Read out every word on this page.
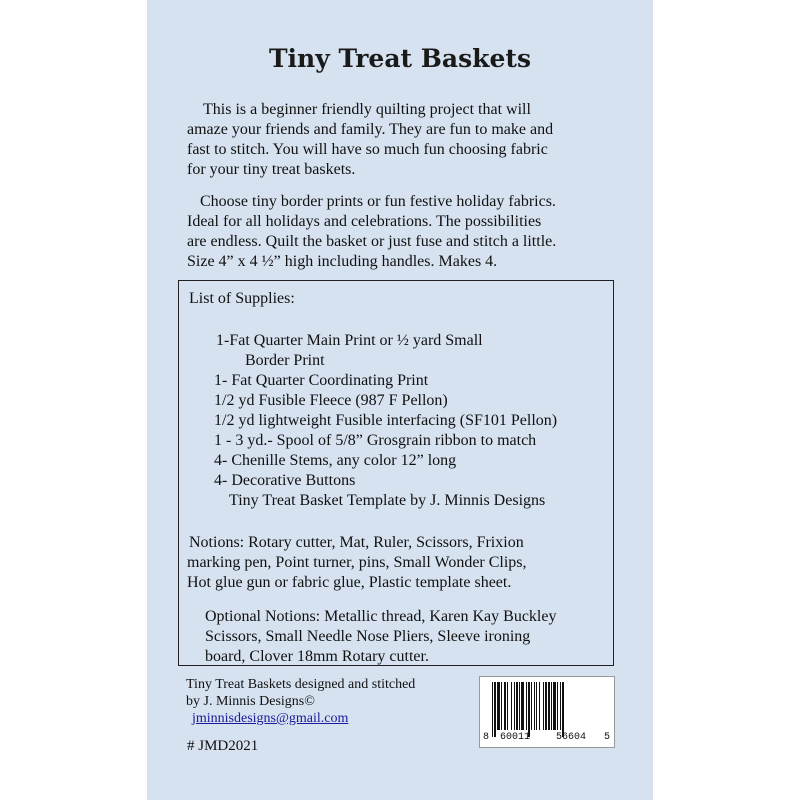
Tiny Treat Baskets

This is a beginner friendly quilting project that will
amaze your friends and family. They are fun to make and
fast to stitch. You will have so much fun choosing fabric
for your tiny treat baskets.

Choose tiny border prints or fun festive holiday fabrics.
Ideal for all holidays and celebrations. The possibilities
are endless. Quilt the basket or just fuse and stitch a little.
Size 4” x 4 ½” high including handles. Makes 4.

List of Supplies:
1-Fat Quarter Main Print or ½ yard Small
Border Print
1- Fat Quarter Coordinating Print
1/2 yd Fusible Fleece (987 F Pellon)
1/2 yd lightweight Fusible interfacing (SF101 Pellon)
1 - 3 yd.- Spool of 5/8” Grosgrain ribbon to match
4- Chenille Stems, any color 12” long
4- Decorative Buttons
Tiny Treat Basket Template by J. Minnis Designs
Notions: Rotary cutter, Mat, Ruler, Scissors, Frixion
marking pen, Point turner, pins, Small Wonder Clips,
Hot glue gun or fabric glue, Plastic template sheet.
Optional Notions: Metallic thread, Karen Kay Buckley
Scissors, Small Needle Nose Pliers, Sleeve ironing
board, Clover 18mm Rotary cutter.
Tiny Treat Baskets designed and stitched
by J. Minnis Designs©
jminnisdesigns@gmail.com
# JMD2021
8 60011	56604 5
